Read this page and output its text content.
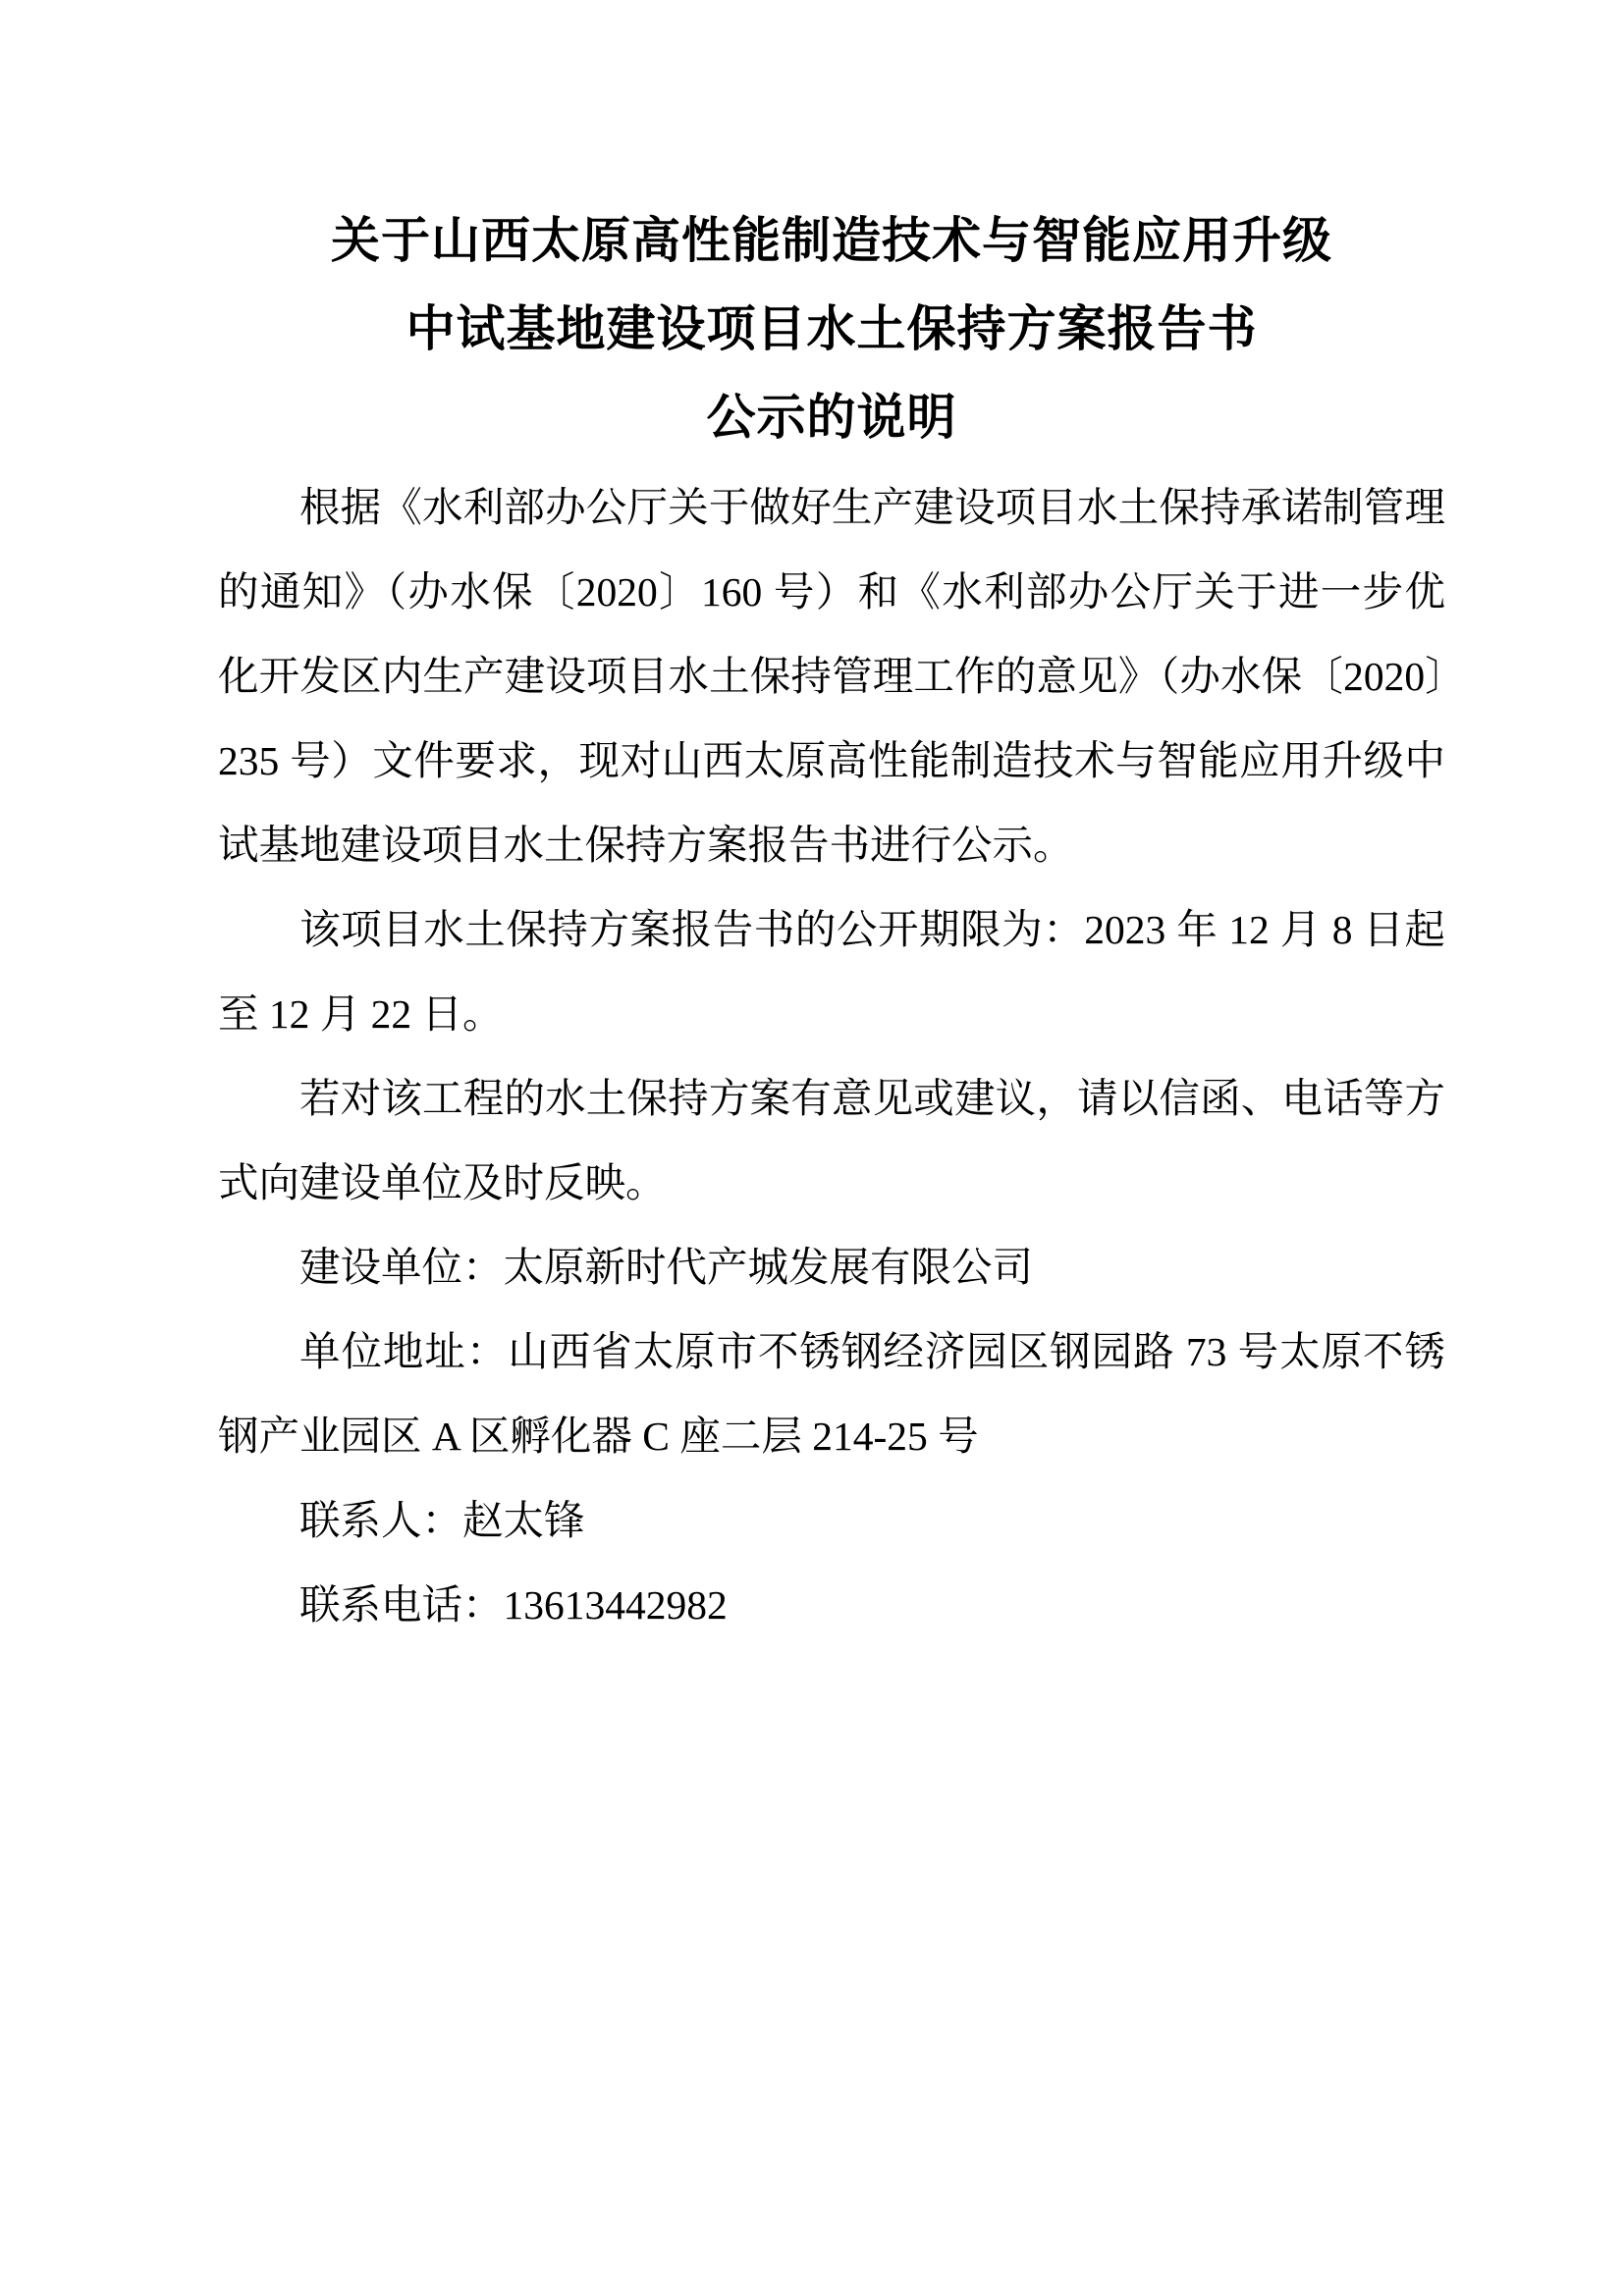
关于山西太原高性能制造技术与智能应用升级
中试基地建设项目水土保持方案报告书
公示的说明

根据《水利部办公厅关于做好生产建设项目水土保持承诺制管理的通知》（办水保〔2020〕160 号）和《水利部办公厅关于进一步优化开发区内生产建设项目水土保持管理工作的意见》（办水保〔2020〕235 号）文件要求，现对山西太原高性能制造技术与智能应用升级中试基地建设项目水土保持方案报告书进行公示。

该项目水土保持方案报告书的公开期限为：2023 年 12 月 8 日起至 12 月 22 日。

若对该工程的水土保持方案有意见或建议，请以信函、电话等方式向建设单位及时反映。

建设单位：太原新时代产城发展有限公司

单位地址：山西省太原市不锈钢经济园区钢园路 73 号太原不锈钢产业园区 A 区孵化器 C 座二层 214-25 号

联系人：赵太锋

联系电话：13613442982
